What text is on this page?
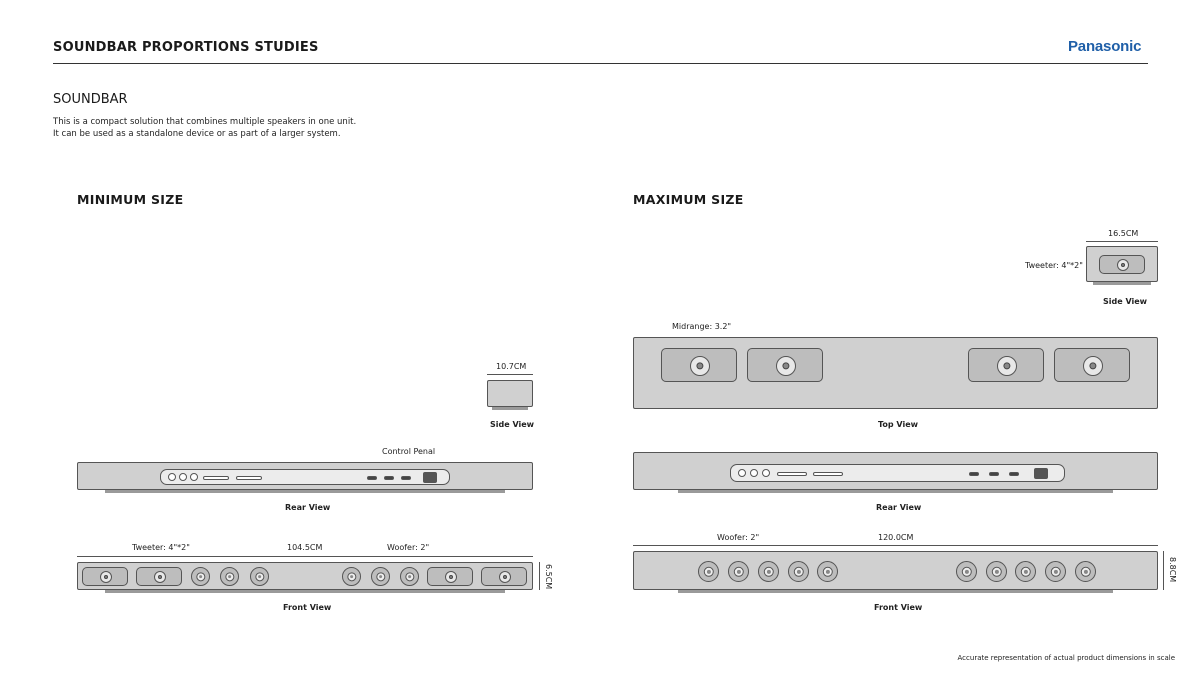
SOUNDBAR PROPORTIONS STUDIES	Panasonic
SOUNDBAR
This is a compact solution that combines multiple speakers in one unit.
It can be used as a standalone device or as part of a larger system.
MINIMUM SIZE
10.7CM
Side View
Control Penal
Rear View
Tweeter: 4"*2"	104.5CM	Woofer: 2"
6.5CM
Front View
MAXIMUM SIZE
16.5CM
Tweeter: 4"*2"
Side View
Midrange: 3.2"
Top View
Rear View
Woofer: 2"	120.0CM
8.8CM
Front View
Accurate representation of actual product dimensions in scale
